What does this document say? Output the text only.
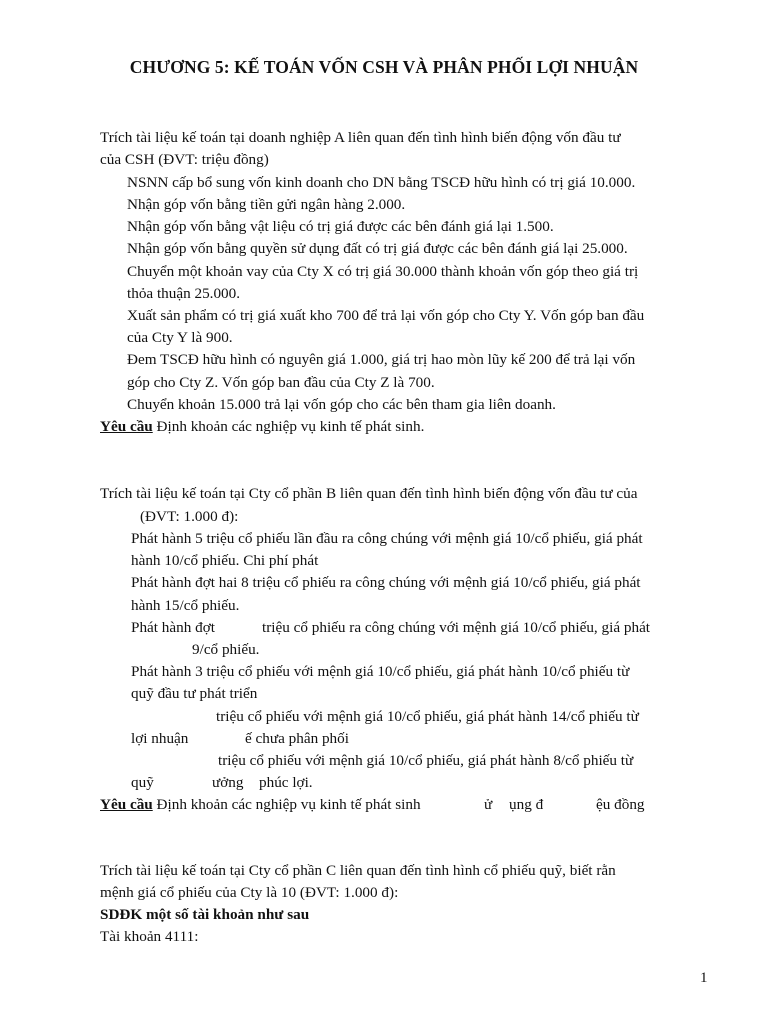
CHƯƠNG 5: KẾ TOÁN VỐN CSH VÀ PHÂN PHỐI LỢI NHUẬN
Trích tài liệu kế toán tại doanh nghiệp A liên quan đến tình hình biến động vốn đầu tư
của CSH (ĐVT: triệu đồng)
NSNN cấp bổ sung vốn kinh doanh cho DN bằng TSCĐ hữu hình có trị giá 10.000.
Nhận góp vốn bằng tiền gửi ngân hàng 2.000.
Nhận góp vốn bằng vật liệu có trị giá được các bên đánh giá lại 1.500.
Nhận góp vốn bằng quyền sử dụng đất có trị giá được các bên đánh giá lại 25.000.
Chuyển một khoản vay của Cty X có trị giá 30.000 thành khoản vốn góp theo giá trị
thỏa thuận 25.000.
Xuất sản phẩm có trị giá xuất kho 700 để trả lại vốn góp cho Cty Y. Vốn góp ban đầu
của Cty Y là 900.
Đem TSCĐ hữu hình có nguyên giá 1.000, giá trị hao mòn lũy kế 200 để trả lại vốn
góp cho Cty Z. Vốn góp ban đầu của Cty Z là 700.
Chuyển khoản 15.000 trả lại vốn góp cho các bên tham gia liên doanh.
Yêu cầu Định khoản các nghiệp vụ kinh tế phát sinh.
Trích tài liệu kế toán tại Cty cổ phần B liên quan đến tình hình biến động vốn đầu tư của
(ĐVT: 1.000 đ):
Phát hành 5 triệu cổ phiếu lần đầu ra công chúng với mệnh giá 10/cổ phiếu, giá phát
hành 10/cổ phiếu. Chi phí phát
Phát hành đợt hai 8 triệu cổ phiếu ra công chúng với mệnh giá 10/cổ phiếu, giá phát
hành 15/cổ phiếu.
Phát hành đợt	triệu cổ phiếu ra công chúng với mệnh giá 10/cổ phiếu, giá phát
9/cổ phiếu.
Phát hành 3 triệu cổ phiếu với mệnh giá 10/cổ phiếu, giá phát hành 10/cổ phiếu từ
quỹ đầu tư phát triển
triệu cổ phiếu với mệnh giá 10/cổ phiếu, giá phát hành 14/cổ phiếu từ
lợi nhuận	ế chưa phân phối
triệu cổ phiếu với mệnh giá 10/cổ phiếu, giá phát hành 8/cổ phiếu từ
quỹ	ưởng phúc lợi.
Yêu cầu Định khoản các nghiệp vụ kinh tế phát sinh	ử ụng đ	ệu đồng
Trích tài liệu kế toán tại Cty cổ phần C liên quan đến tình hình cổ phiếu quỹ, biết rằn
mệnh giá cổ phiếu của Cty là 10 (ĐVT: 1.000 đ):
SDĐK một số tài khoản như sau
Tài khoản 4111:
1
